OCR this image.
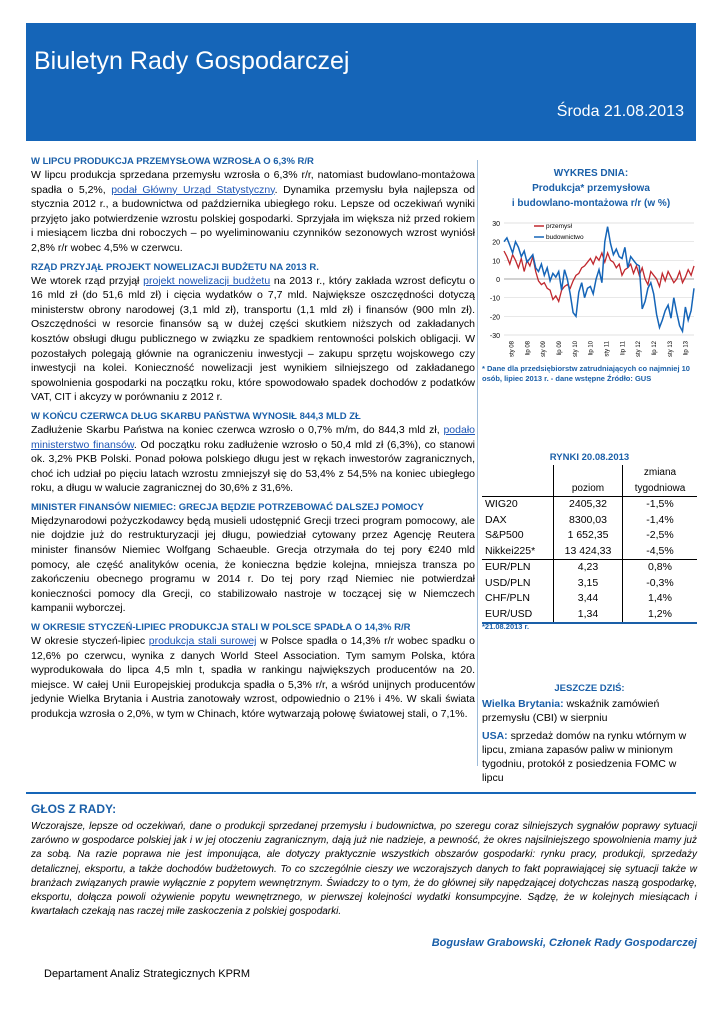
Biuletyn Rady Gospodarczej
Środa 21.08.2013
W LIPCU PRODUKCJA PRZEMYSŁOWA WZROSŁA O 6,3% R/R

W lipcu produkcja sprzedana przemysłu wzrosła o 6,3% r/r, natomiast budowlano-montażowa spadła o 5,2%, podał Główny Urząd Statystyczny. Dynamika przemysłu była najlepsza od stycznia 2012 r., a budownictwa od października ubiegłego roku. Lepsze od oczekiwań wyniki przyjęto jako potwierdzenie wzrostu polskiej gospodarki. Sprzyjała im większa niż przed rokiem i miesiącem liczba dni roboczych – po wyeliminowaniu czynników sezonowych wzrost wyniósł 2,8% r/r wobec 4,5% w czerwcu.

RZĄD PRZYJĄŁ PROJEKT NOWELIZACJI BUDŻETU NA 2013 R.

We wtorek rząd przyjął projekt nowelizacji budżetu na 2013 r., który zakłada wzrost deficytu o 16 mld zł (do 51,6 mld zł) i cięcia wydatków o 7,7 mld. Największe oszczędności dotyczą ministerstw obrony narodowej (3,1 mld zł), transportu (1,1 mld zł) i finansów (900 mln zł). Oszczędności w resorcie finansów są w dużej części skutkiem niższych od zakładanych kosztów obsługi długu publicznego w związku ze spadkiem rentowności polskich obligacji. W pozostałych polegają głównie na ograniczeniu inwestycji – zakupu sprzętu wojskowego czy inwestycji na kolei. Konieczność nowelizacji jest wynikiem silniejszego od zakładanego spowolnienia gospodarki na początku roku, które spowodowało spadek dochodów z podatków VAT, CIT i akcyzy w porównaniu z 2012 r.

W KOŃCU CZERWCA DŁUG SKARBU PAŃSTWA WYNOSIŁ 844,3 MLD ZŁ

Zadłużenie Skarbu Państwa na koniec czerwca wzrosło o 0,7% m/m, do 844,3 mld zł, podało ministerstwo finansów. Od początku roku zadłużenie wzrosło o 50,4 mld zł (6,3%), co stanowi ok. 3,2% PKB Polski. Ponad połowa polskiego długu jest w rękach inwestorów zagranicznych, choć ich udział po pięciu latach wzrostu zmniejszył się do 53,4% z 54,5% na koniec ubiegłego roku, a długu w walucie zagranicznej do 30,6% z 31,6%.

MINISTER FINANSÓW NIEMIEC: GRECJA BĘDZIE POTRZEBOWAĆ DALSZEJ POMOCY

Międzynarodowi pożyczkodawcy będą musieli udostępnić Grecji trzeci program pomocowy, ale nie dojdzie już do restrukturyzacji jej długu, powiedział cytowany przez Agencję Reutera minister finansów Niemiec Wolfgang Schaeuble. Grecja otrzymała do tej pory €240 mld pomocy, ale część analityków ocenia, że konieczna będzie kolejna, mniejsza transza po zakończeniu obecnego programu w 2014 r. Do tej pory rząd Niemiec nie potwierdzał konieczności pomocy dla Grecji, co stabilizowało nastroje w toczącej się w Niemczech kampanii wyborczej.

W OKRESIE STYCZEŃ-LIPIEC PRODUKCJA STALI W POLSCE SPADŁA O 14,3% R/R

W okresie styczeń-lipiec produkcja stali surowej w Polsce spadła o 14,3% r/r wobec spadku o 12,6% po czerwcu, wynika z danych World Steel Association. Tym samym Polska, która wyprodukowała do lipca 4,5 mln t, spadła w rankingu największych producentów na 20. miejsce. W całej Unii Europejskiej produkcja spadła o 5,3% r/r, a wśród unijnych producentów jedynie Wielka Brytania i Austria zanotowały wzrost, odpowiednio o 21% i 4%. W skali świata produkcja wzrosła o 2,0%, w tym w Chinach, które wytwarzają połowę światowej stali, o 7,1%.

WYKRES DNIA:
Produkcja* przemysłowa
i budowlano-montażowa r/r (w %)
30
20
10
0
-10
-20
-30
sty 08 lip 08 sty 09 lip 09 sty 10 lip 10 sty 11 lip 11 sty 12 lip 12 sty 13 lip 13
przemysł
budownictwo
* Dane dla przedsiębiorstw zatrudniających co najmniej 10 osób, lipiec 2013 r. - dane wstępne Źródło: GUS
RYNKI 20.08.2013
		zmiana
	poziom	tygodniowa
WIG20	2405,32	-1,5%
DAX	8300,03	-1,4%
S&P500	1 652,35	-2,5%
Nikkei225*	13 424,33	-4,5%
EUR/PLN	4,23	0,8%
USD/PLN	3,15	-0,3%
CHF/PLN	3,44	1,4%
EUR/USD	1,34	1,2%
*21.08.2013 r.
JESZCZE DZIŚ:
Wielka Brytania: wskaźnik zamówień przemysłu (CBI) w sierpniu
USA: sprzedaż domów na rynku wtórnym w lipcu, zmiana zapasów paliw w minionym tygodniu, protokół z posiedzenia FOMC w lipcu
GŁOS Z RADY:
Wczorajsze, lepsze od oczekiwań, dane o produkcji sprzedanej przemysłu i budownictwa, po szeregu coraz silniejszych sygnałów poprawy sytuacji zarówno w gospodarce polskiej jak i w jej otoczeniu zagranicznym, dają już nie nadzieje, a pewność, że okres najsilniejszego spowolnienia mamy już za sobą. Na razie poprawa nie jest imponująca, ale dotyczy praktycznie wszystkich obszarów gospodarki: rynku pracy, produkcji, sprzedaży detalicznej, eksportu, a także dochodów budżetowych. To co szczególnie cieszy we wczorajszych danych to fakt poprawiającej się sytuacji także w branżach związanych prawie wyłącznie z popytem wewnętrznym. Świadczy to o tym, że do głównej siły napędzającej dotychczas naszą gospodarkę, eksportu, dołącza powoli ożywienie popytu wewnętrznego, w pierwszej kolejności wydatki konsumpcyjne. Sądzę, że w kolejnych miesiącach i kwartałach czekają nas raczej miłe zaskoczenia z polskiej gospodarki.
Bogusław Grabowski, Członek Rady Gospodarczej
Departament Analiz Strategicznych KPRM
